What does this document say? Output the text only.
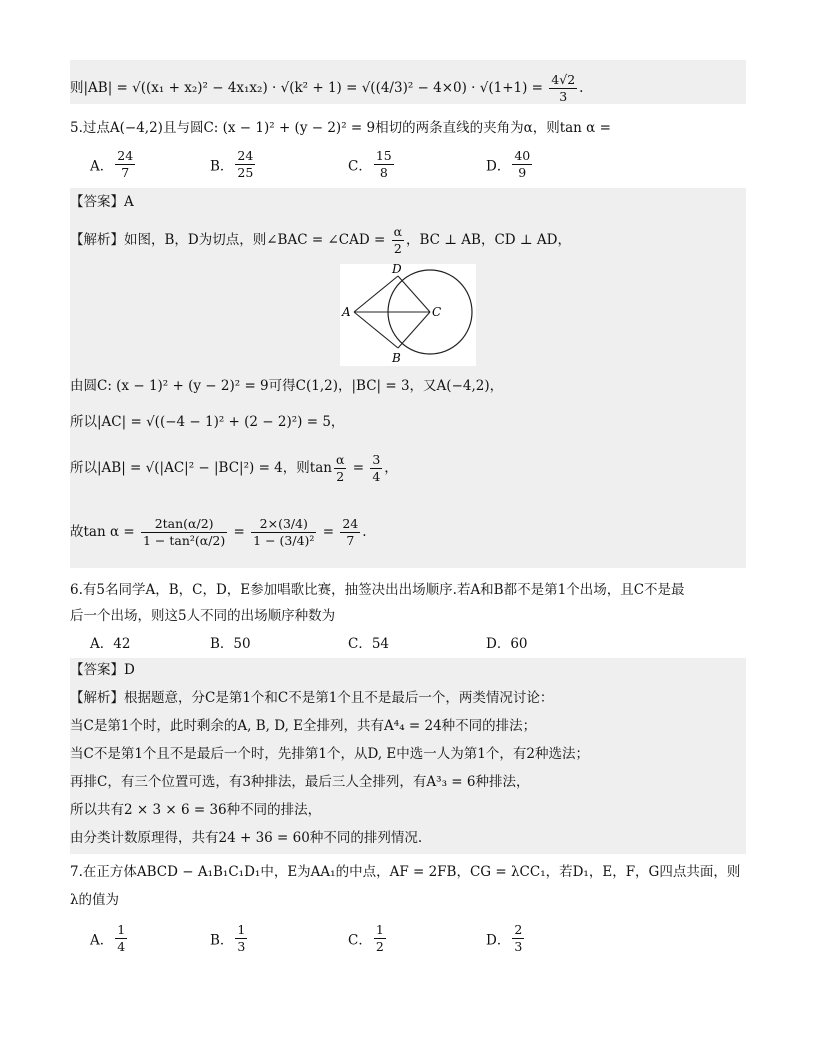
则$|AB| = √((x_1 + x_2)^2 - 4x_1x_2) \cdot √(k^2 + 1) = √((4/3)^2 - 4\times 0) \cdot √(1+1) = \frac{4√2}{3}$ .
5.过点A(−4,2)且与圆C: (x − 1)² + (y − 2)² = 9相切的两条直线的夹角为α，则tan α =
A． $\frac{24}{7}$	B． $\frac{24}{25}$	C． $\frac{15}{8}$	D． $\frac{40}{9}$
【答案】A
【解析】如图，B，D为切点，则∠BAC = ∠CAD = $\frac{\alpha}{2}$ ，BC ⊥ AB，CD ⊥ AD，
A
D
C
B
由圆C: (x − 1)² + (y − 2)² = 9可得C(1,2)，|BC| = 3，又A(−4,2)，
所以|AC| = √((−4 − 1)² + (2 − 2)²) = 5，
所以|AB| = √(|AC|² − |BC|²) = 4，则$\tan \frac{\alpha}{2} = \frac{3}{4}$ ，
故$\tan \alpha = \frac{2\tan(\alpha/2)}{\text{1 − tan²(α/2)}} = \frac{2\times(3/4)}{\text{1 − (3/4)²}} = \frac{24}{7}$ .
6.有5名同学A，B，C，D，E参加唱歌比赛，抽签决出出场顺序.若A和B都不是第1个出场，且C不是最
后一个出场，则这5人不同的出场顺序种数为
A．42	B．50	C．54	D．60
【答案】D
【解析】根据题意，分C是第1个和C不是第1个且不是最后一个，两类情况讨论：
当C是第1个时，此时剩余的A, B, D, E全排列，共有A⁴₄ = 24种不同的排法；
当C不是第1个且不是最后一个时，先排第1个，从D, E中选一人为第1个，有2种选法；
再排C，有三个位置可选，有3种排法，最后三人全排列，有A³₃ = 6种排法，
所以共有2 × 3 × 6 = 36种不同的排法，
由分类计数原理得，共有24 + 36 = 60种不同的排列情况.
7.在正方体ABCD − A₁B₁C₁D₁中，E为AA₁的中点，AF = 2FB，CG = λCC₁，若D₁，E，F，G四点共面，则
λ的值为
A． $\frac{1}{4}$	B． $\frac{1}{3}$	C． $\frac{1}{2}$	D． $\frac{2}{3}$
